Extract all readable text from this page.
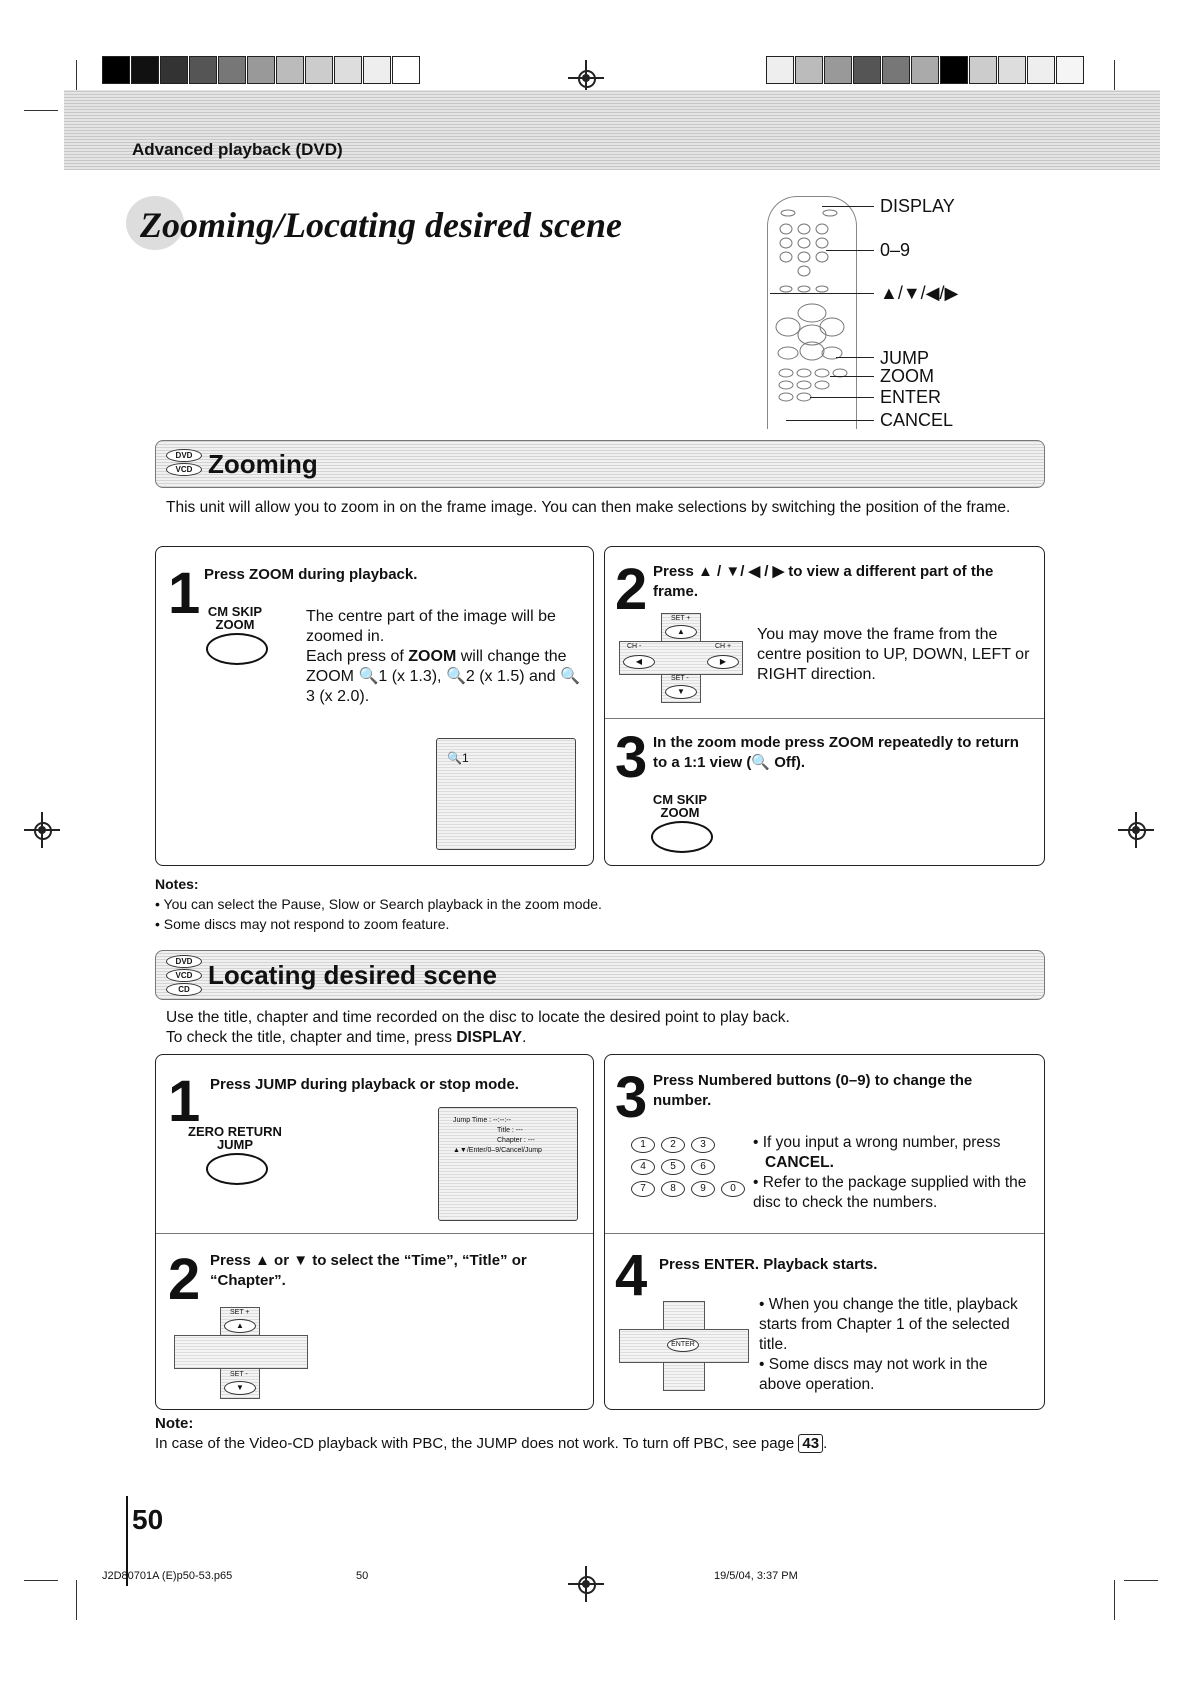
Advanced playback (DVD)
Zooming/Locating desired scene	DISPLAY
0–9
▲/▼/◀/▶
JUMP
ZOOM
ENTER
CANCEL
DVD
VCD Zooming
This unit will allow you to zoom in on the frame image. You can then make selections by switching the position of the frame.
1 Press ZOOM during playback.
CM SKIP
ZOOM	The centre part of the image will be zoomed in.
Each press of ZOOM will change the ZOOM 🔍1 (x 1.3), 🔍2 (x 1.5) and 🔍3 (x 2.0).
🔍1
2 Press ▲ / ▼/ ◀ / ▶ to view a different part of the frame.
SET +
▲
CH -
◀
CH +
▶
SET -
▼
You may move the frame from the centre position to UP, DOWN, LEFT or RIGHT direction.
3 In the zoom mode press ZOOM repeatedly to return to a 1:1 view (🔍 Off).
CM SKIP
ZOOM
Notes:
• You can select the Pause, Slow or Search playback in the zoom mode.
• Some discs may not respond to zoom feature.
DVD
VCD
CD Locating desired scene
Use the title, chapter and time recorded on the disc to locate the desired point to play back.
To check the title, chapter and time, press DISPLAY.
1 Press JUMP during playback or stop mode.
ZERO RETURN
JUMP
Jump Time : --:--:--
Title : ---
Chapter : ---
▲▼/Enter/0–9/Cancel/Jump
2 Press ▲ or ▼ to select the “Time”, “Title” or “Chapter”.
SET +
▲
SET -
▼
3 Press Numbered buttons (0–9) to change the number.
1	2	3
4	5	6
7	8	9	0
• If you input a wrong number, press
CANCEL.
• Refer to the package supplied with the disc to check the numbers.
4 Press ENTER. Playback starts.
ENTER
• When you change the title, playback starts from Chapter 1 of the selected title.
• Some discs may not work in the above operation.
Note:
In case of the Video-CD playback with PBC, the JUMP does not work. To turn off PBC, see page 43 .
50
J2D80701A (E)p50-53.p65	50	19/5/04, 3:37 PM
